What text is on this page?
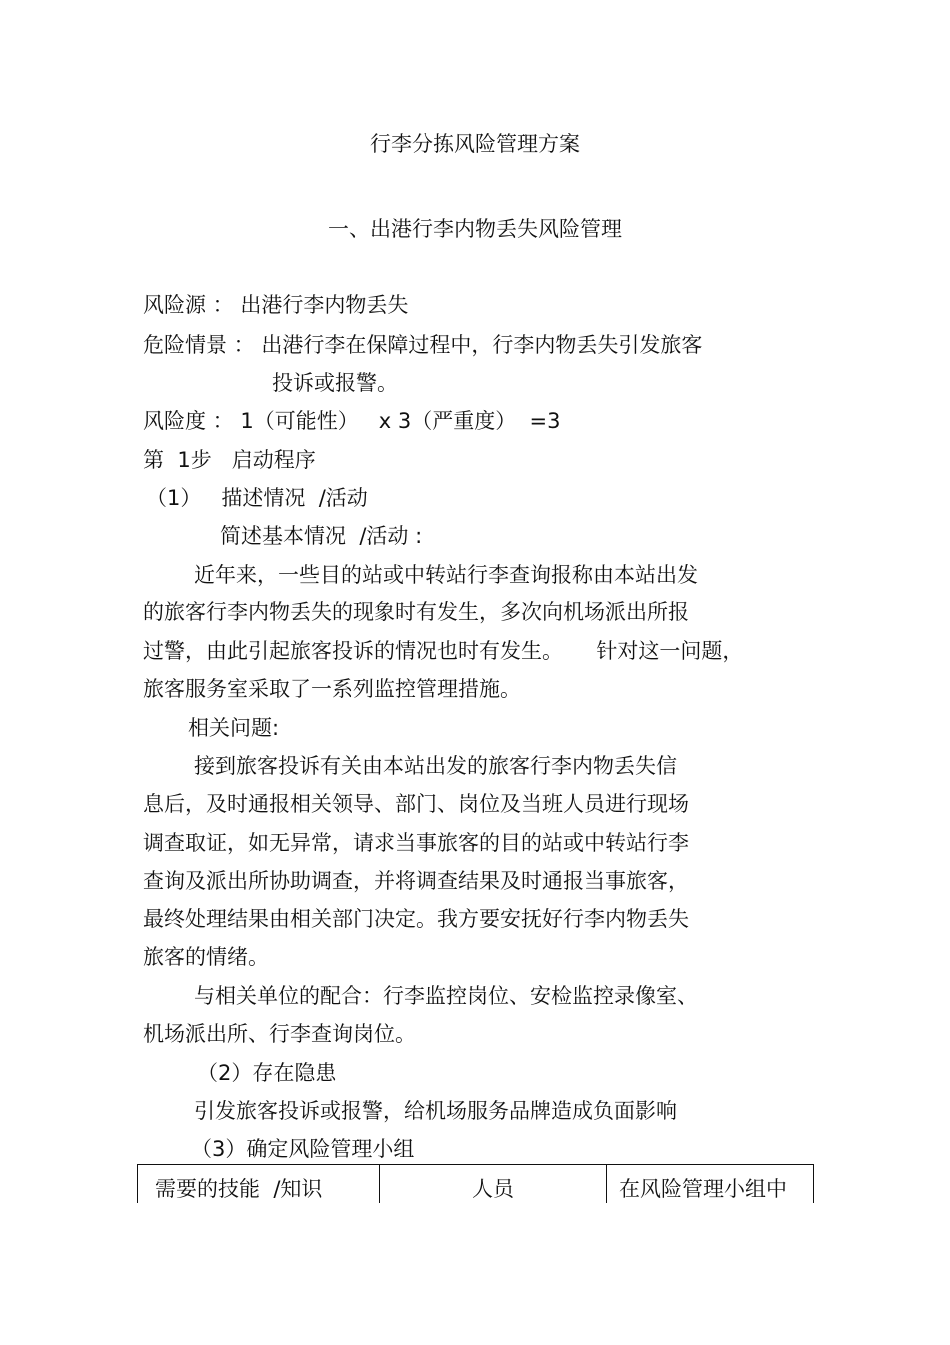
行李分拣风险管理方案
一、出港行李内物丢失风险管理
风险源 ： 出港行李内物丢失
危险情景 ： 出港行李在保障过程中，行李内物丢失引发旅客
投诉或报警。
风险度 ： 1（可能性）   x 3（严重度）  =3
第  1步   启动程序
（1）   描述情况  /活动
简述基本情况  /活动 :
近年来，一些目的站或中转站行李查询报称由本站出发
的旅客行李内物丢失的现象时有发生，多次向机场派出所报
过警，由此引起旅客投诉的情况也时有发生。     针对这一问题，
旅客服务室采取了一系列监控管理措施。
相关问题:
接到旅客投诉有关由本站出发的旅客行李内物丢失信
息后，及时通报相关领导、部门、岗位及当班人员进行现场
调查取证，如无异常，请求当事旅客的目的站或中转站行李
查询及派出所协助调查，并将调查结果及时通报当事旅客，
最终处理结果由相关部门决定。我方要安抚好行李内物丢失
旅客的情绪。
与相关单位的配合：行李监控岗位、安检监控录像室、
机场派出所、行李查询岗位。
（2）存在隐患
引发旅客投诉或报警，给机场服务品牌造成负面影响
（3）确定风险管理小组
需要的技能  /知识	人员	在风险管理小组中
